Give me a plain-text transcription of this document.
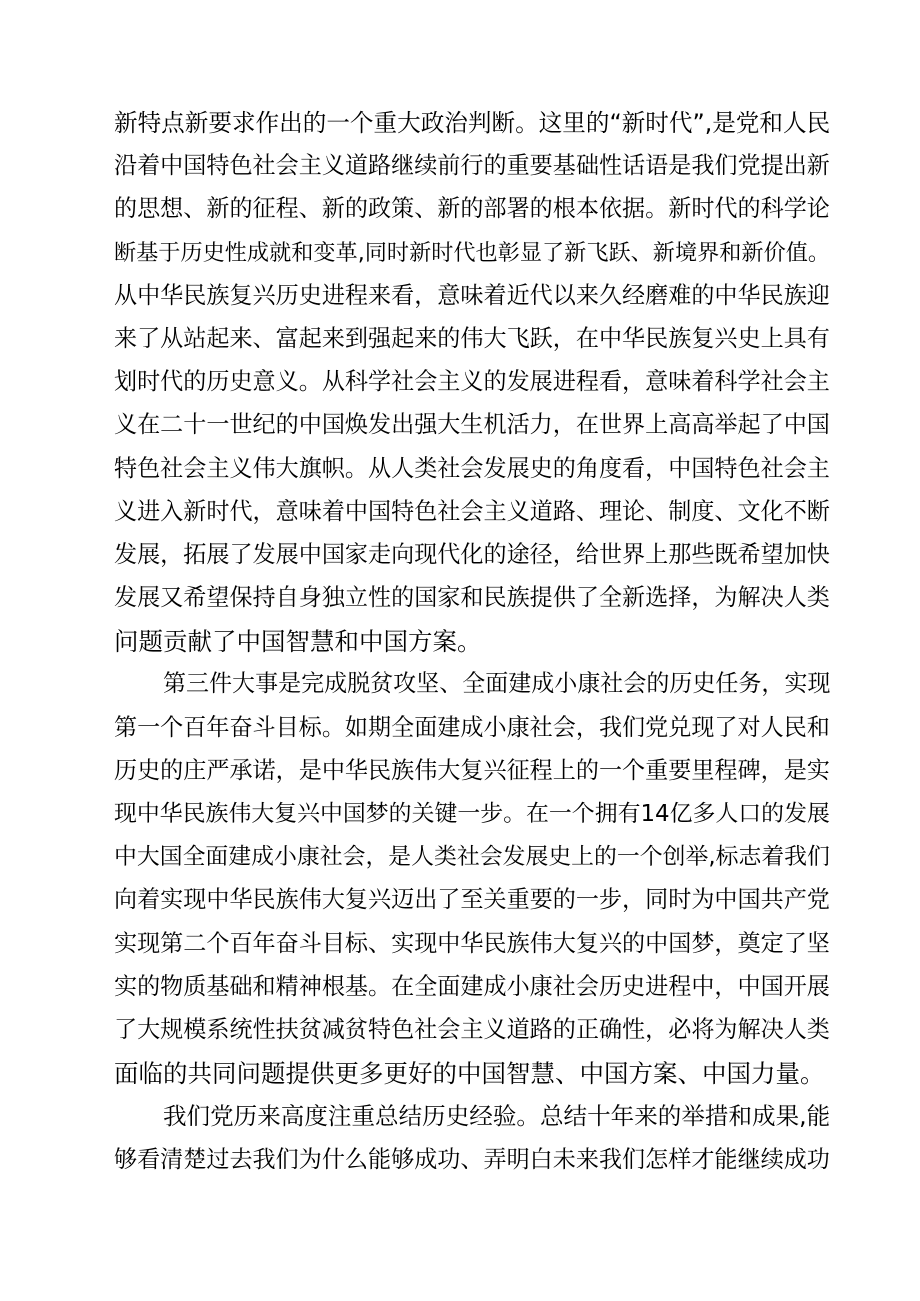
新特点新要求作出的一个重大政治判断。这里的“新时代”,是党和人民
沿着中国特色社会主义道路继续前行的重要基础性话语是我们党提出新
的思想、新的征程、新的政策、新的部署的根本依据。新时代的科学论
断基于历史性成就和变革,同时新时代也彰显了新飞跃、新境界和新价值。
从中华民族复兴历史进程来看，意味着近代以来久经磨难的中华民族迎
来了从站起来、富起来到强起来的伟大飞跃，在中华民族复兴史上具有
划时代的历史意义。从科学社会主义的发展进程看，意味着科学社会主
义在二十一世纪的中国焕发出强大生机活力，在世界上高高举起了中国
特色社会主义伟大旗帜。从人类社会发展史的角度看，中国特色社会主
义进入新时代，意味着中国特色社会主义道路、理论、制度、文化不断
发展，拓展了发展中国家走向现代化的途径，给世界上那些既希望加快
发展又希望保持自身独立性的国家和民族提供了全新选择，为解决人类
问题贡献了中国智慧和中国方案。
第三件大事是完成脱贫攻坚、全面建成小康社会的历史任务，实现
第一个百年奋斗目标。如期全面建成小康社会，我们党兑现了对人民和
历史的庄严承诺，是中华民族伟大复兴征程上的一个重要里程碑，是实
现中华民族伟大复兴中国梦的关键一步。在一个拥有14亿多人口的发展
中大国全面建成小康社会，是人类社会发展史上的一个创举,标志着我们
向着实现中华民族伟大复兴迈出了至关重要的一步，同时为中国共产党
实现第二个百年奋斗目标、实现中华民族伟大复兴的中国梦，奠定了坚
实的物质基础和精神根基。在全面建成小康社会历史进程中，中国开展
了大规模系统性扶贫减贫特色社会主义道路的正确性，必将为解决人类
面临的共同问题提供更多更好的中国智慧、中国方案、中国力量。
我们党历来高度注重总结历史经验。总结十年来的举措和成果,能
够看清楚过去我们为什么能够成功、弄明白未来我们怎样才能继续成功
